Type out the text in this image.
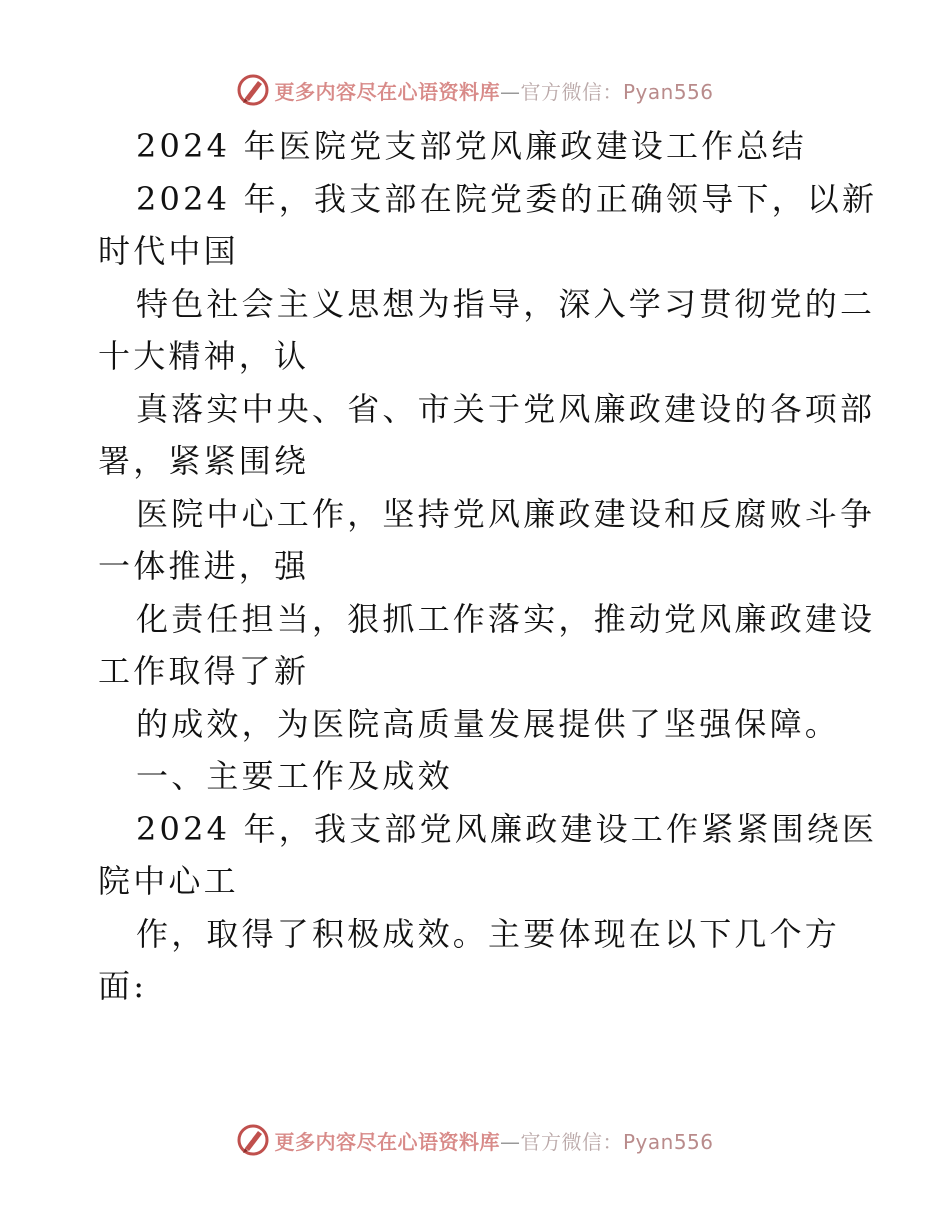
更多内容尽在心语资料库—官方微信：Pyan556
2024 年医院党支部党风廉政建设工作总结
2024 年，我支部在院党委的正确领导下，以新
时代中国
特色社会主义思想为指导，深入学习贯彻党的二
十大精神，认
真落实中央、省、市关于党风廉政建设的各项部
署，紧紧围绕
医院中心工作，坚持党风廉政建设和反腐败斗争
一体推进，强
化责任担当，狠抓工作落实，推动党风廉政建设
工作取得了新
的成效，为医院高质量发展提供了坚强保障。
一、主要工作及成效
2024 年，我支部党风廉政建设工作紧紧围绕医
院中心工
作，取得了积极成效。主要体现在以下几个方
面:
更多内容尽在心语资料库—官方微信：Pyan556
